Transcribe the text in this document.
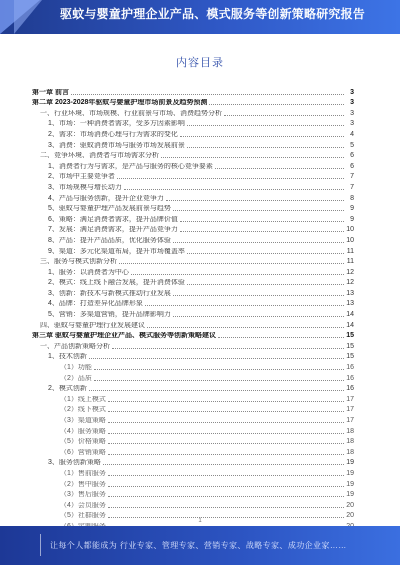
驱蚊与婴童护理企业产品、模式服务等创新策略研究报告
内容目录
第一章 前言	3
第二章 2023-2028年驱蚊与婴童护理市场前景及趋势预测	3
一、行业环境、市场规模、行业前景与市场、消费趋势分析	3
1、市场：一种消费者需求，受多方因素影响	3
2、需求：市场消费心理与行为需求的变化	4
3、消费：驱蚊消费市场与服务市场发展前景	5
二、竞争环境、消费者与市场需求分析	6
1、消费者行为与需求，是产品与服务的核心竞争要素	6
2、市场中主要竞争者	7
3、市场规模与增长动力	7
4、产品与服务创新，提升企业竞争力	8
5、驱蚊与婴童护理产品发展前景与趋势	9
6、策略：满足消费者需求，提升品牌价值	9
7、发展：满足消费需求，提升产品竞争力	10
8、产品：提升产品品质，优化服务体验	10
9、渠道：多元化渠道布局，提升市场覆盖率	11
三、服务与模式创新分析	11
1、服务：以消费者为中心	12
2、模式：线上线下融合发展，提升消费体验	12
3、创新：新技术与新模式推动行业发展	13
4、品牌：打造差异化品牌形象	13
5、营销：多渠道营销，提升品牌影响力	14
四、驱蚊与婴童护理行业发展建议	14
第三章 驱蚊与婴童护理企业产品、模式服务等创新策略建议	15
一、产品创新策略分析	15
1、技术创新	15
（1）功能	16
（2）品质	16
2、模式创新	16
（1）线上模式	17
（2）线下模式	17
（3）渠道策略	17
（4）服务策略	18
（5）价格策略	18
（6）营销策略	18
3、服务创新策略	19
（1）售前服务	19
（2）售中服务	19
（3）售后服务	19
（4）会员服务	20
（5）社群服务	20
1
让每个人都能成为 行业专家、管理专家、营销专家、战略专家、成功企业家……
